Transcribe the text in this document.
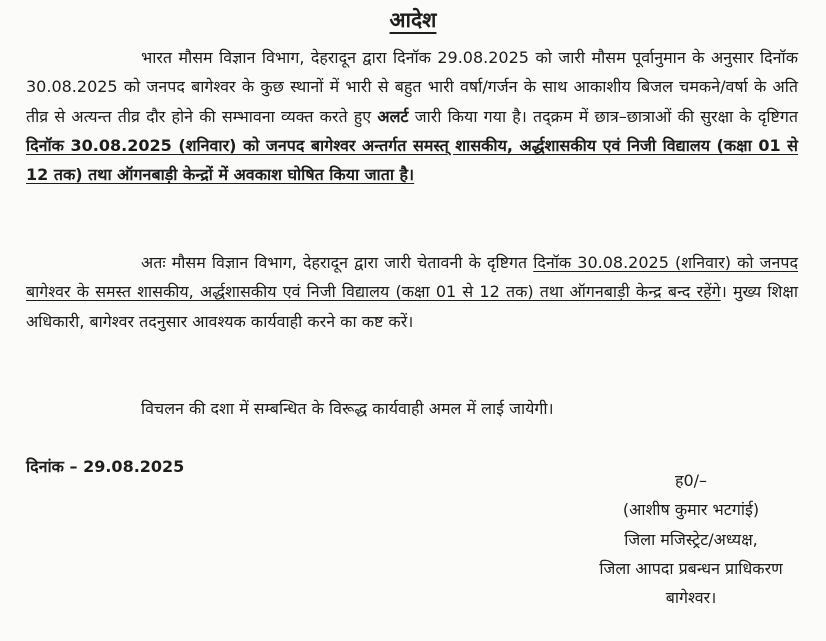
आदेश

भारत मौसम विज्ञान विभाग, देहरादून द्वारा दिनॉक 29.08.2025 को जारी मौसम पूर्वानुमान के अनुसार दिनॉक 30.08.2025 को जनपद बागेश्वर के कुछ स्थानों में भारी से बहुत भारी वर्षा/गर्जन के साथ आकाशीय बिजल चमकने/वर्षा के अति तीव्र से अत्यन्त तीव्र दौर होने की सम्भावना व्यक्त करते हुए अलर्ट जारी किया गया है। तद्क्रम में छात्र–छात्राओं की सुरक्षा के दृष्टिगत दिनॉक 30.08.2025 (शनिवार) को जनपद बागेश्वर अन्तर्गत समस्त् शासकीय, अर्द्धशासकीय एवं निजी विद्यालय (कक्षा 01 से 12 तक) तथा ऑगनबाड़ी केन्द्रों में अवकाश घोषित किया जाता है।

अतः मौसम विज्ञान विभाग, देहरादून द्वारा जारी चेतावनी के दृष्टिगत दिनॉक 30.08.2025 (शनिवार) को जनपद बागेश्वर के समस्त शासकीय, अर्द्धशासकीय एवं निजी विद्यालय (कक्षा 01 से 12 तक) तथा ऑगनबाड़ी केन्द्र बन्द रहेंगे। मुख्य शिक्षा अधिकारी, बागेश्वर तदनुसार आवश्यक कार्यवाही करने का कष्ट करें।

विचलन की दशा में सम्बन्धित के विरूद्ध कार्यवाही अमल में लाई जायेगी।

दिनांक – 29.08.2025
ह0/–
(आशीष कुमार भटगांई)
जिला मजिस्ट्रेट/अध्यक्ष,
जिला आपदा प्रबन्धन प्राधिकरण
बागेश्वर।
